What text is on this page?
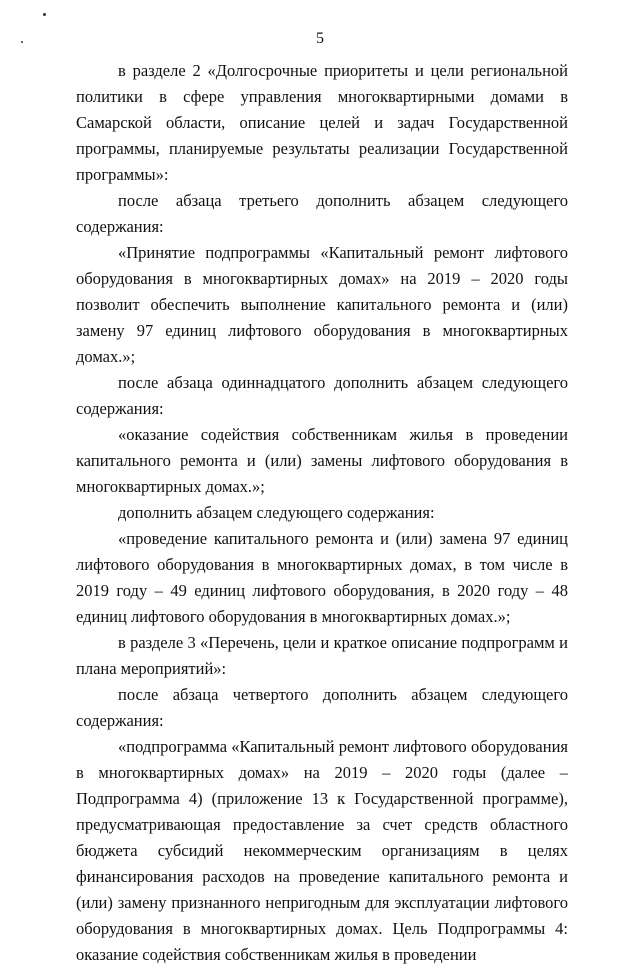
5

в разделе 2 «Долгосрочные приоритеты и цели региональной политики в сфере управления многоквартирными домами в Самарской области, описание целей и задач Государственной программы, планируемые результаты реализации Государственной программы»:

после абзаца третьего дополнить абзацем следующего содержания:

«Принятие подпрограммы «Капитальный ремонт лифтового оборудования в многоквартирных домах» на 2019 – 2020 годы позволит обеспечить выполнение капитального ремонта и (или) замену 97 единиц лифтового оборудования в многоквартирных домах.»;

после абзаца одиннадцатого дополнить абзацем следующего содержания:

«оказание содействия собственникам жилья в проведении капитального ремонта и (или) замены лифтового оборудования в многоквартирных домах.»;

дополнить абзацем следующего содержания:

«проведение капитального ремонта и (или) замена 97 единиц лифтового оборудования в многоквартирных домах, в том числе в 2019 году – 49 единиц лифтового оборудования, в 2020 году – 48 единиц лифтового оборудования в многоквартирных домах.»;

в разделе 3 «Перечень, цели и краткое описание подпрограмм и плана мероприятий»:

после абзаца четвертого дополнить абзацем следующего содержания:

«подпрограмма «Капитальный ремонт лифтового оборудования в многоквартирных домах» на 2019 – 2020 годы (далее – Подпрограмма 4) (приложение 13 к Государственной программе), предусматривающая предоставление за счет средств областного бюджета субсидий некоммерческим организациям в целях финансирования расходов на проведение капитального ремонта и (или) замену признанного непригодным для эксплуатации лифтового оборудования в многоквартирных домах. Цель Подпрограммы 4: оказание содействия собственникам жилья в проведении
